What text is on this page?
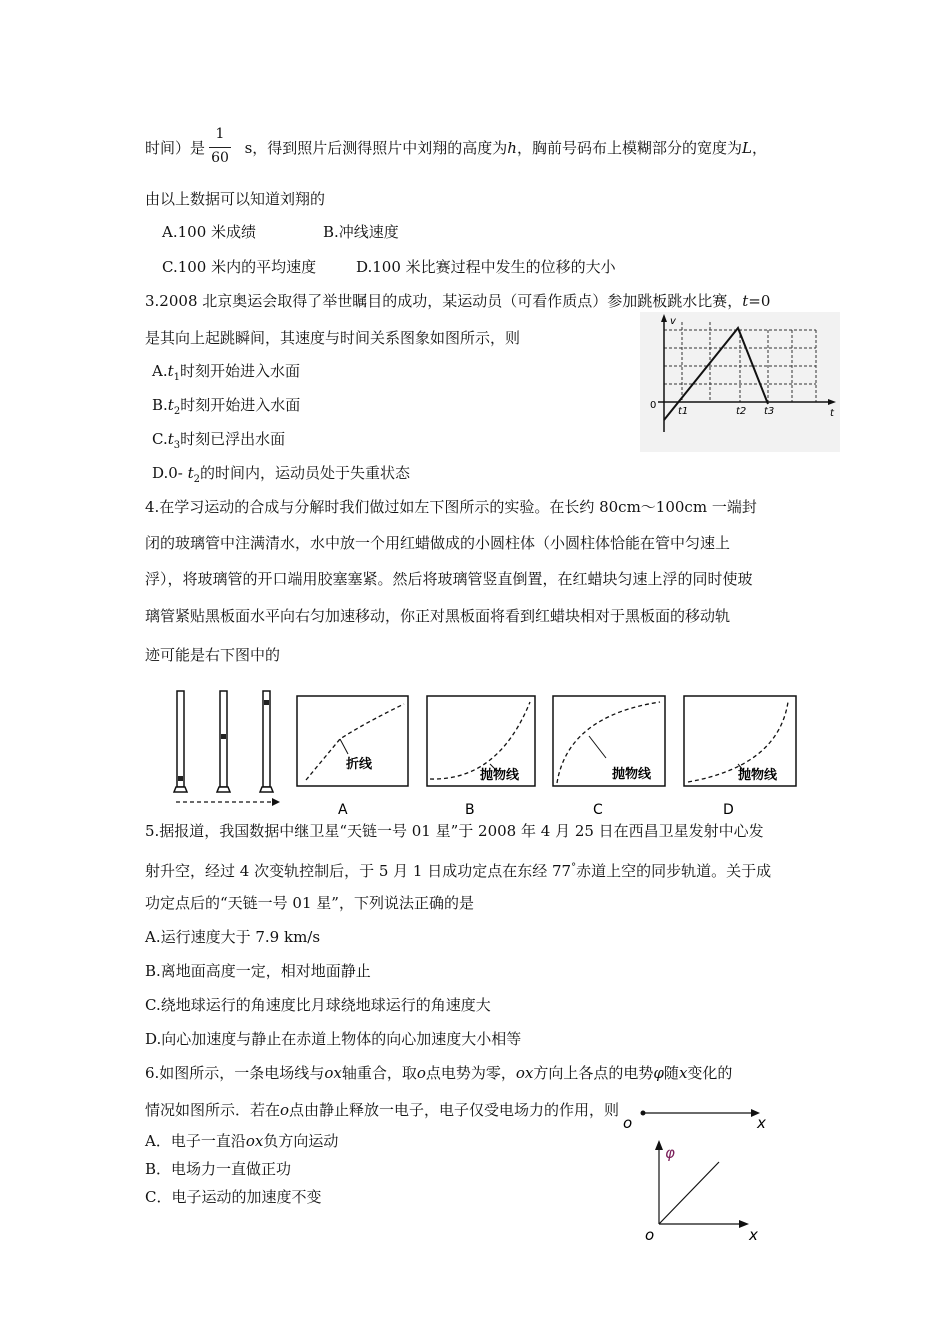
时间）是	s，得到照片后测得照片中刘翔的高度为h，胸前号码布上模糊部分的宽度为L，
1
60
由以上数据可以知道刘翔的
A.100 米成绩	B.冲线速度
C.100 米内的平均速度	D.100 米比赛过程中发生的位移的大小
3.2008 北京奥运会取得了举世瞩目的成功，某运动员（可看作质点）参加跳板跳水比赛，t=0
是其向上起跳瞬间，其速度与时间关系图象如图所示，则
$A.t_1$时刻开始进入水面
$B.t_2$时刻开始进入水面
$C.t_3$时刻已浮出水面
D.0- $t_2$的时间内，运动员处于失重状态
v
t
0
t1	t2 t3
4.在学习运动的合成与分解时我们做过如左下图所示的实验。在长约 80cm～100cm 一端封
闭的玻璃管中注满清水，水中放一个用红蜡做成的小圆柱体（小圆柱体恰能在管中匀速上
浮），将玻璃管的开口端用胶塞塞紧。然后将玻璃管竖直倒置，在红蜡块匀速上浮的同时使玻
璃管紧贴黑板面水平向右匀加速移动，你正对黑板面将看到红蜡块相对于黑板面的移动轨
迹可能是右下图中的
折线
A
抛物线
B
抛物线
C
抛物线
D
5.据报道，我国数据中继卫星“天链一号 01 星”于 2008 年 4 月 25 日在西昌卫星发射中心发
射升空，经过 4 次变轨控制后，于 5 月 1 日成功定点在东经 77°赤道上空的同步轨道。关于成
功定点后的“天链一号 01 星”，下列说法正确的是
A.运行速度大于 7.9 km/s
B.离地面高度一定，相对地面静止
C.绕地球运行的角速度比月球绕地球运行的角速度大
D.向心加速度与静止在赤道上物体的向心加速度大小相等
6.如图所示，一条电场线与ox轴重合，取o点电势为零，ox方向上各点的电势φ随x变化的
情况如图所示．若在o点由静止释放一电子，电子仅受电场力的作用，则
A．电子一直沿ox负方向运动
B．电场力一直做正功
C．电子运动的加速度不变
o	x
φ
o	x
